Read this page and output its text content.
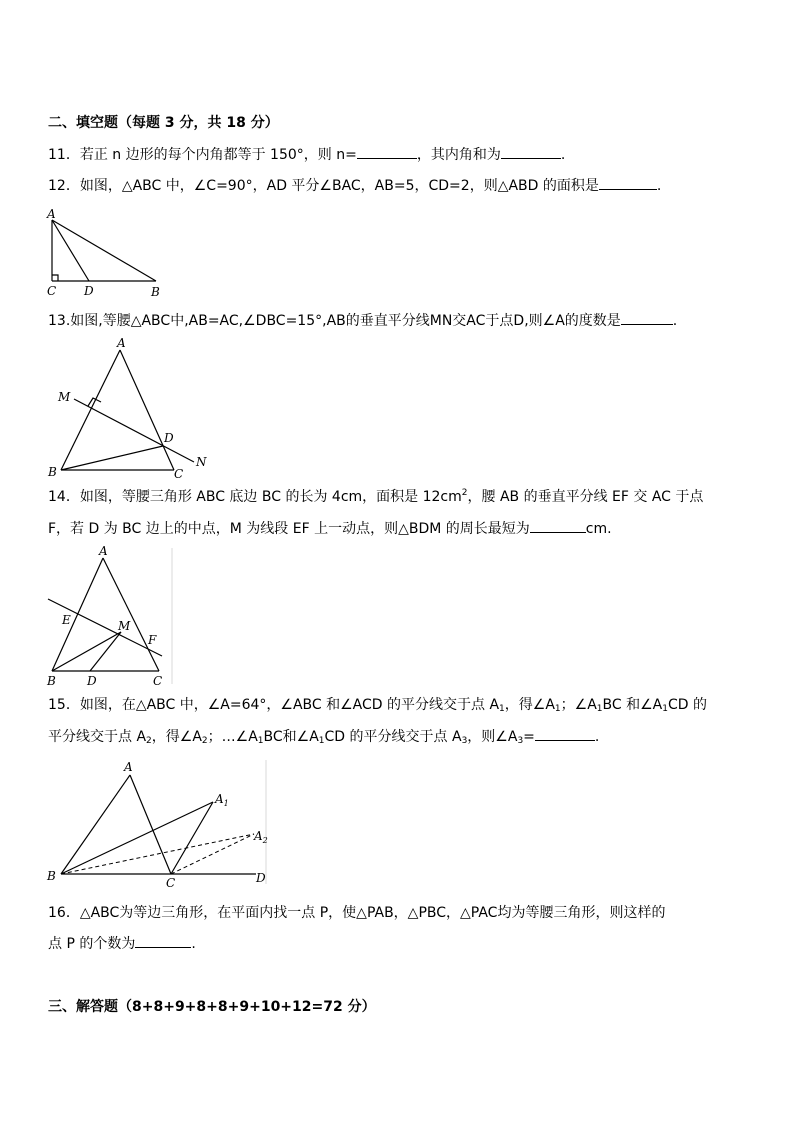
二、填空题（每题 3 分，共 18 分）
11．若正 n 边形的每个内角都等于 150°，则 n=	，其内角和为	.
12．如图，△ABC 中，∠C=90°，AD 平分∠BAC，AB=5，CD=2，则△ABD 的面积是	.
A
C D	B
13.如图,等腰△ABC中,AB=AC,∠DBC=15°,AB的垂直平分线MN交AC于点D,则∠A的度数是	.
A
M
D
N
B	C
14．如图，等腰三角形 ABC 底边 BC 的长为 4cm，面积是 $12cm^2$，腰 AB 的垂直平分线 EF 交 AC 于点
F，若 D 为 BC 边上的中点，M 为线段 EF 上一动点，则△BDM 的周长最短为	cm.
A
E	M
F
B	D	C
15．如图，在△ABC 中，∠A=64°，∠ABC 和∠ACD 的平分线交于点 $A_1$，得$\angle A_1$；$\angle A_1BC$ 和$\angle A_1CD$ 的
平分线交于点 $A_2$，得$\angle A_2$；$\dots\angle A_1BC$和$\angle A_1CD$ 的平分线交于点 $A_3$，则$\angle A_3=$	.
A
$A_1$
$A_2$
B	C	D
16．△ABC为等边三角形，在平面内找一点 P，使△PAB，△PBC，△PAC均为等腰三角形，则这样的
点 P 的个数为	.
三、解答题（8+8+9+8+8+9+10+12=72 分）
